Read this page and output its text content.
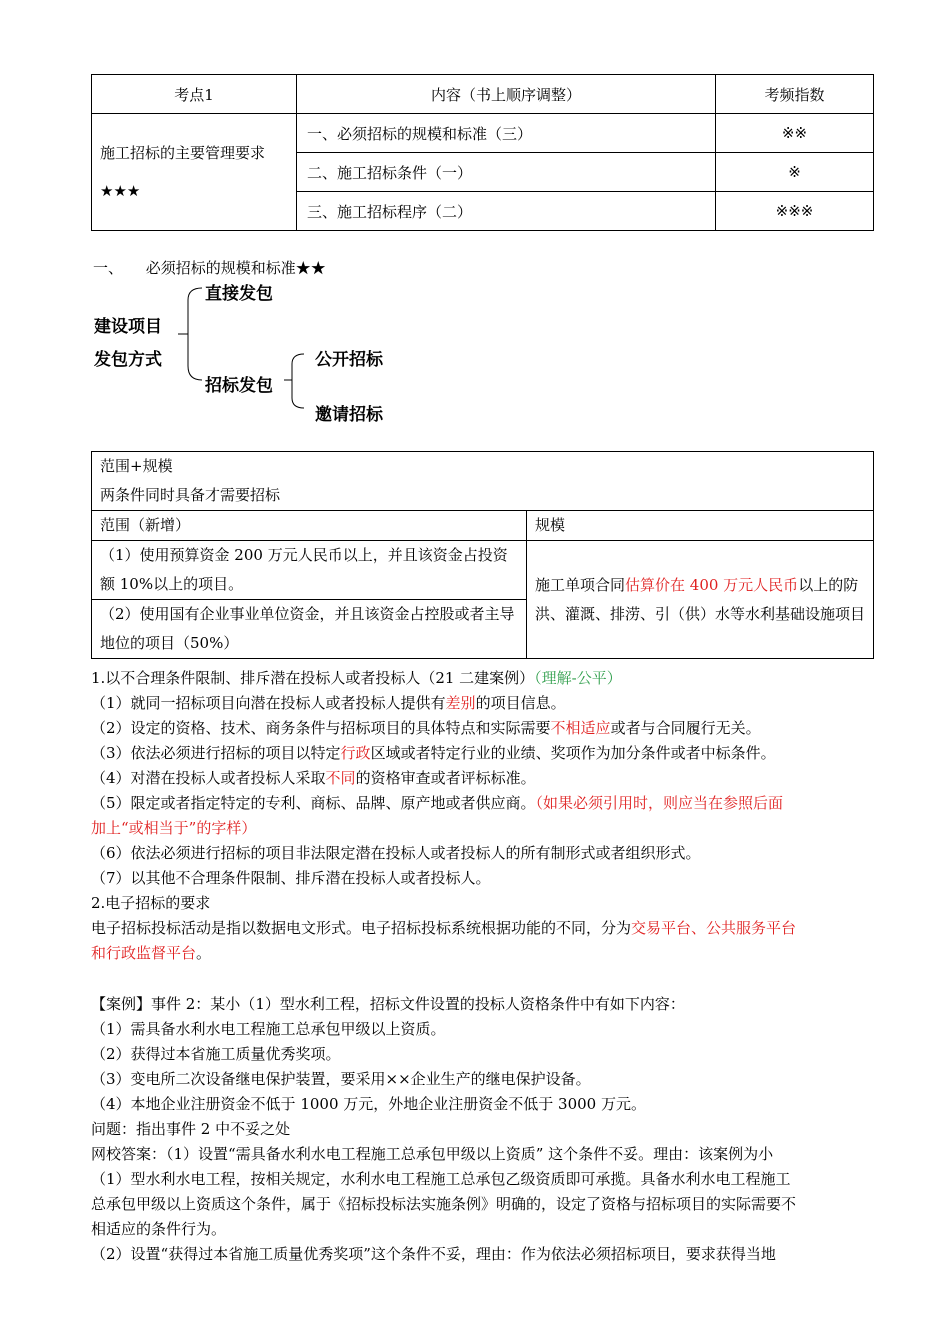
考点1	内容（书上顺序调整）	考频指数

施工招标的主要管理要求
★★★	一、必须招标的规模和标准（三）	※※
	二、施工招标条件（一）	※
	三、施工招标程序（二）	※※※
一、 必须招标的规模和标准★★
建设项目
发包方式
直接发包
招标发包
公开招标
邀请招标
范围+规模
两条件同时具备才需要招标	

范围（新增）	规模
（1）使用预算资金 200 万元人民币以上，并且该资金占投资额 10%以上的项目。	施工单项合同估算价在 400 万元人民币以上的防洪、灌溉、排涝、引（供）水等水利基础设施项目
（2）使用国有企业事业单位资金，并且该资金占控股或者主导地位的项目（50%）	
1.以不合理条件限制、排斥潜在投标人或者投标人（21 二建案例）（理解-公平）
（1）就同一招标项目向潜在投标人或者投标人提供有差别的项目信息。
（2）设定的资格、技术、商务条件与招标项目的具体特点和实际需要不相适应或者与合同履行无关。
（3）依法必须进行招标的项目以特定行政区域或者特定行业的业绩、奖项作为加分条件或者中标条件。
（4）对潜在投标人或者投标人采取不同的资格审查或者评标标准。
（5）限定或者指定特定的专利、商标、品牌、原产地或者供应商。（如果必须引用时，则应当在参照后面
加上“或相当于”的字样）
（6）依法必须进行招标的项目非法限定潜在投标人或者投标人的所有制形式或者组织形式。
（7）以其他不合理条件限制、排斥潜在投标人或者投标人。
2.电子招标的要求
电子招标投标活动是指以数据电文形式。电子招标投标系统根据功能的不同，分为交易平台、公共服务平台
和行政监督平台。
【案例】事件 2：某小（1）型水利工程，招标文件设置的投标人资格条件中有如下内容：
（1）需具备水利水电工程施工总承包甲级以上资质。
（2）获得过本省施工质量优秀奖项。
（3）变电所二次设备继电保护装置，要采用××企业生产的继电保护设备。
（4）本地企业注册资金不低于 1000 万元，外地企业注册资金不低于 3000 万元。
问题：指出事件 2 中不妥之处
网校答案：（1）设置“需具备水利水电工程施工总承包甲级以上资质” 这个条件不妥。理由：该案例为小
（1）型水利水电工程，按相关规定，水利水电工程施工总承包乙级资质即可承揽。具备水利水电工程施工
总承包甲级以上资质这个条件，属于《招标投标法实施条例》明确的，设定了资格与招标项目的实际需要不
相适应的条件行为。
（2）设置“获得过本省施工质量优秀奖项”这个条件不妥，理由：作为依法必须招标项目，要求获得当地
